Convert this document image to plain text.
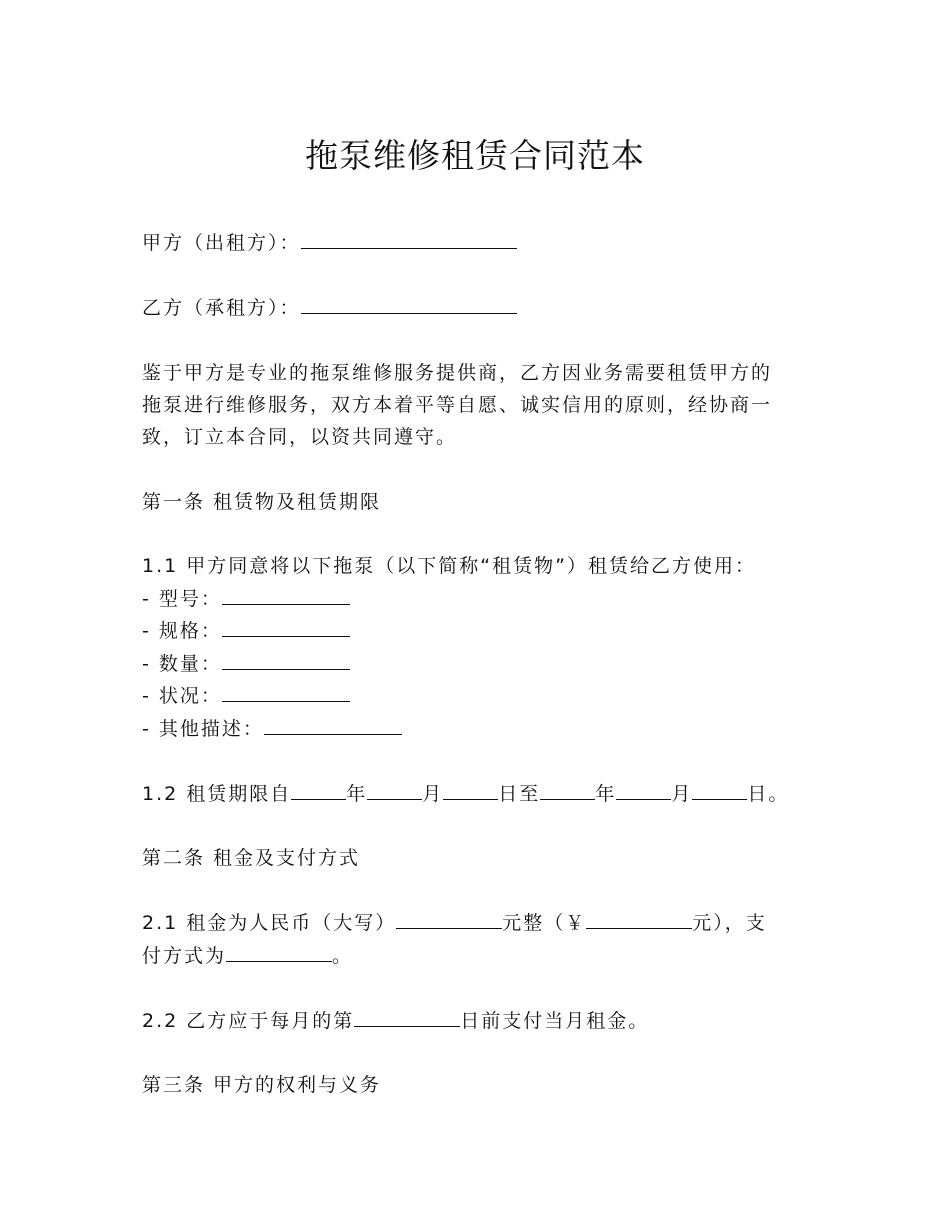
拖泵维修租赁合同范本
甲方（出租方）：
乙方（承租方）：
鉴于甲方是专业的拖泵维修服务提供商，乙方因业务需要租赁甲方的
拖泵进行维修服务，双方本着平等自愿、诚实信用的原则，经协商一
致，订立本合同，以资共同遵守。
第一条 租赁物及租赁期限
1.1 甲方同意将以下拖泵（以下简称“租赁物”）租赁给乙方使用：
- 型号：
- 规格：
- 数量：
- 状况：
- 其他描述：
1.2 租赁期限自	年	月	日至	年	月	日。
第二条 租金及支付方式
2.1 租金为人民币（大写）	元整（￥	元），支
付方式为	。
2.2 乙方应于每月的第	日前支付当月租金。
第三条 甲方的权利与义务
